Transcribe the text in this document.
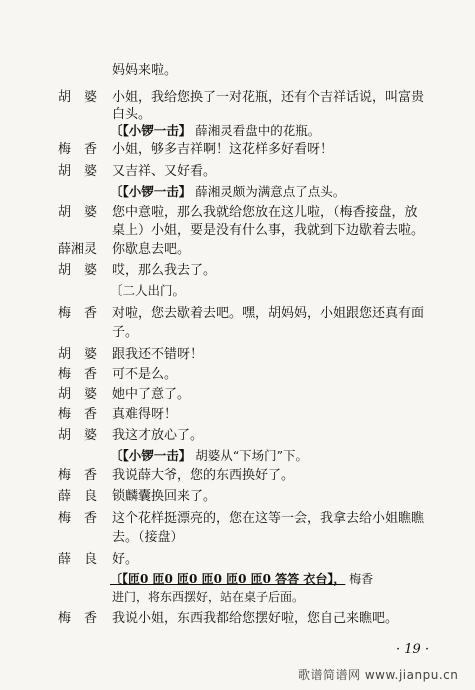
妈妈来啦。
胡　婆 小姐，我给您换了一对花瓶，还有个吉祥话说，叫富贵
白头。
〔【小锣一击】 薛湘灵看盘中的花瓶。
梅　香 小姐，够多吉祥啊！这花样多好看呀！
胡　婆 又吉祥、又好看。
〔【小锣一击】 薛湘灵颇为满意点了点头。
胡　婆 您中意啦，那么我就给您放在这儿啦，（梅香接盘，放
桌上）小姐，要是没有什么事，我就到下边歇着去啦。
薛湘灵 你歇息去吧。
胡　婆 哎，那么我去了。
〔二人出门。
梅　香 对啦，您去歇着去吧。嘿，胡妈妈，小姐跟您还真有面
子。
胡　婆 跟我还不错呀！
梅　香 可不是么。
胡　婆 她中了意了。
梅　香 真难得呀！
胡　婆 我这才放心了。
〔【小锣一击】 胡婆从“下场门”下。
梅　香 我说薛大爷，您的东西换好了。
薛　良 锁麟囊换回来了。
梅　香 这个花样挺漂亮的，您在这等一会，我拿去给小姐瞧瞧
去。（接盘）
薛　良 好。
〔【匝0 匝0 匝0 匝0 匝0 匝0 答答 衣台】， 梅香
进门，将东西摆好，站在桌子后面。
梅　香 我说小姐，东西我都给您摆好啦，您自己来瞧吧。
· 19 ·
歌谱简谱网 www.jianpu.cn
